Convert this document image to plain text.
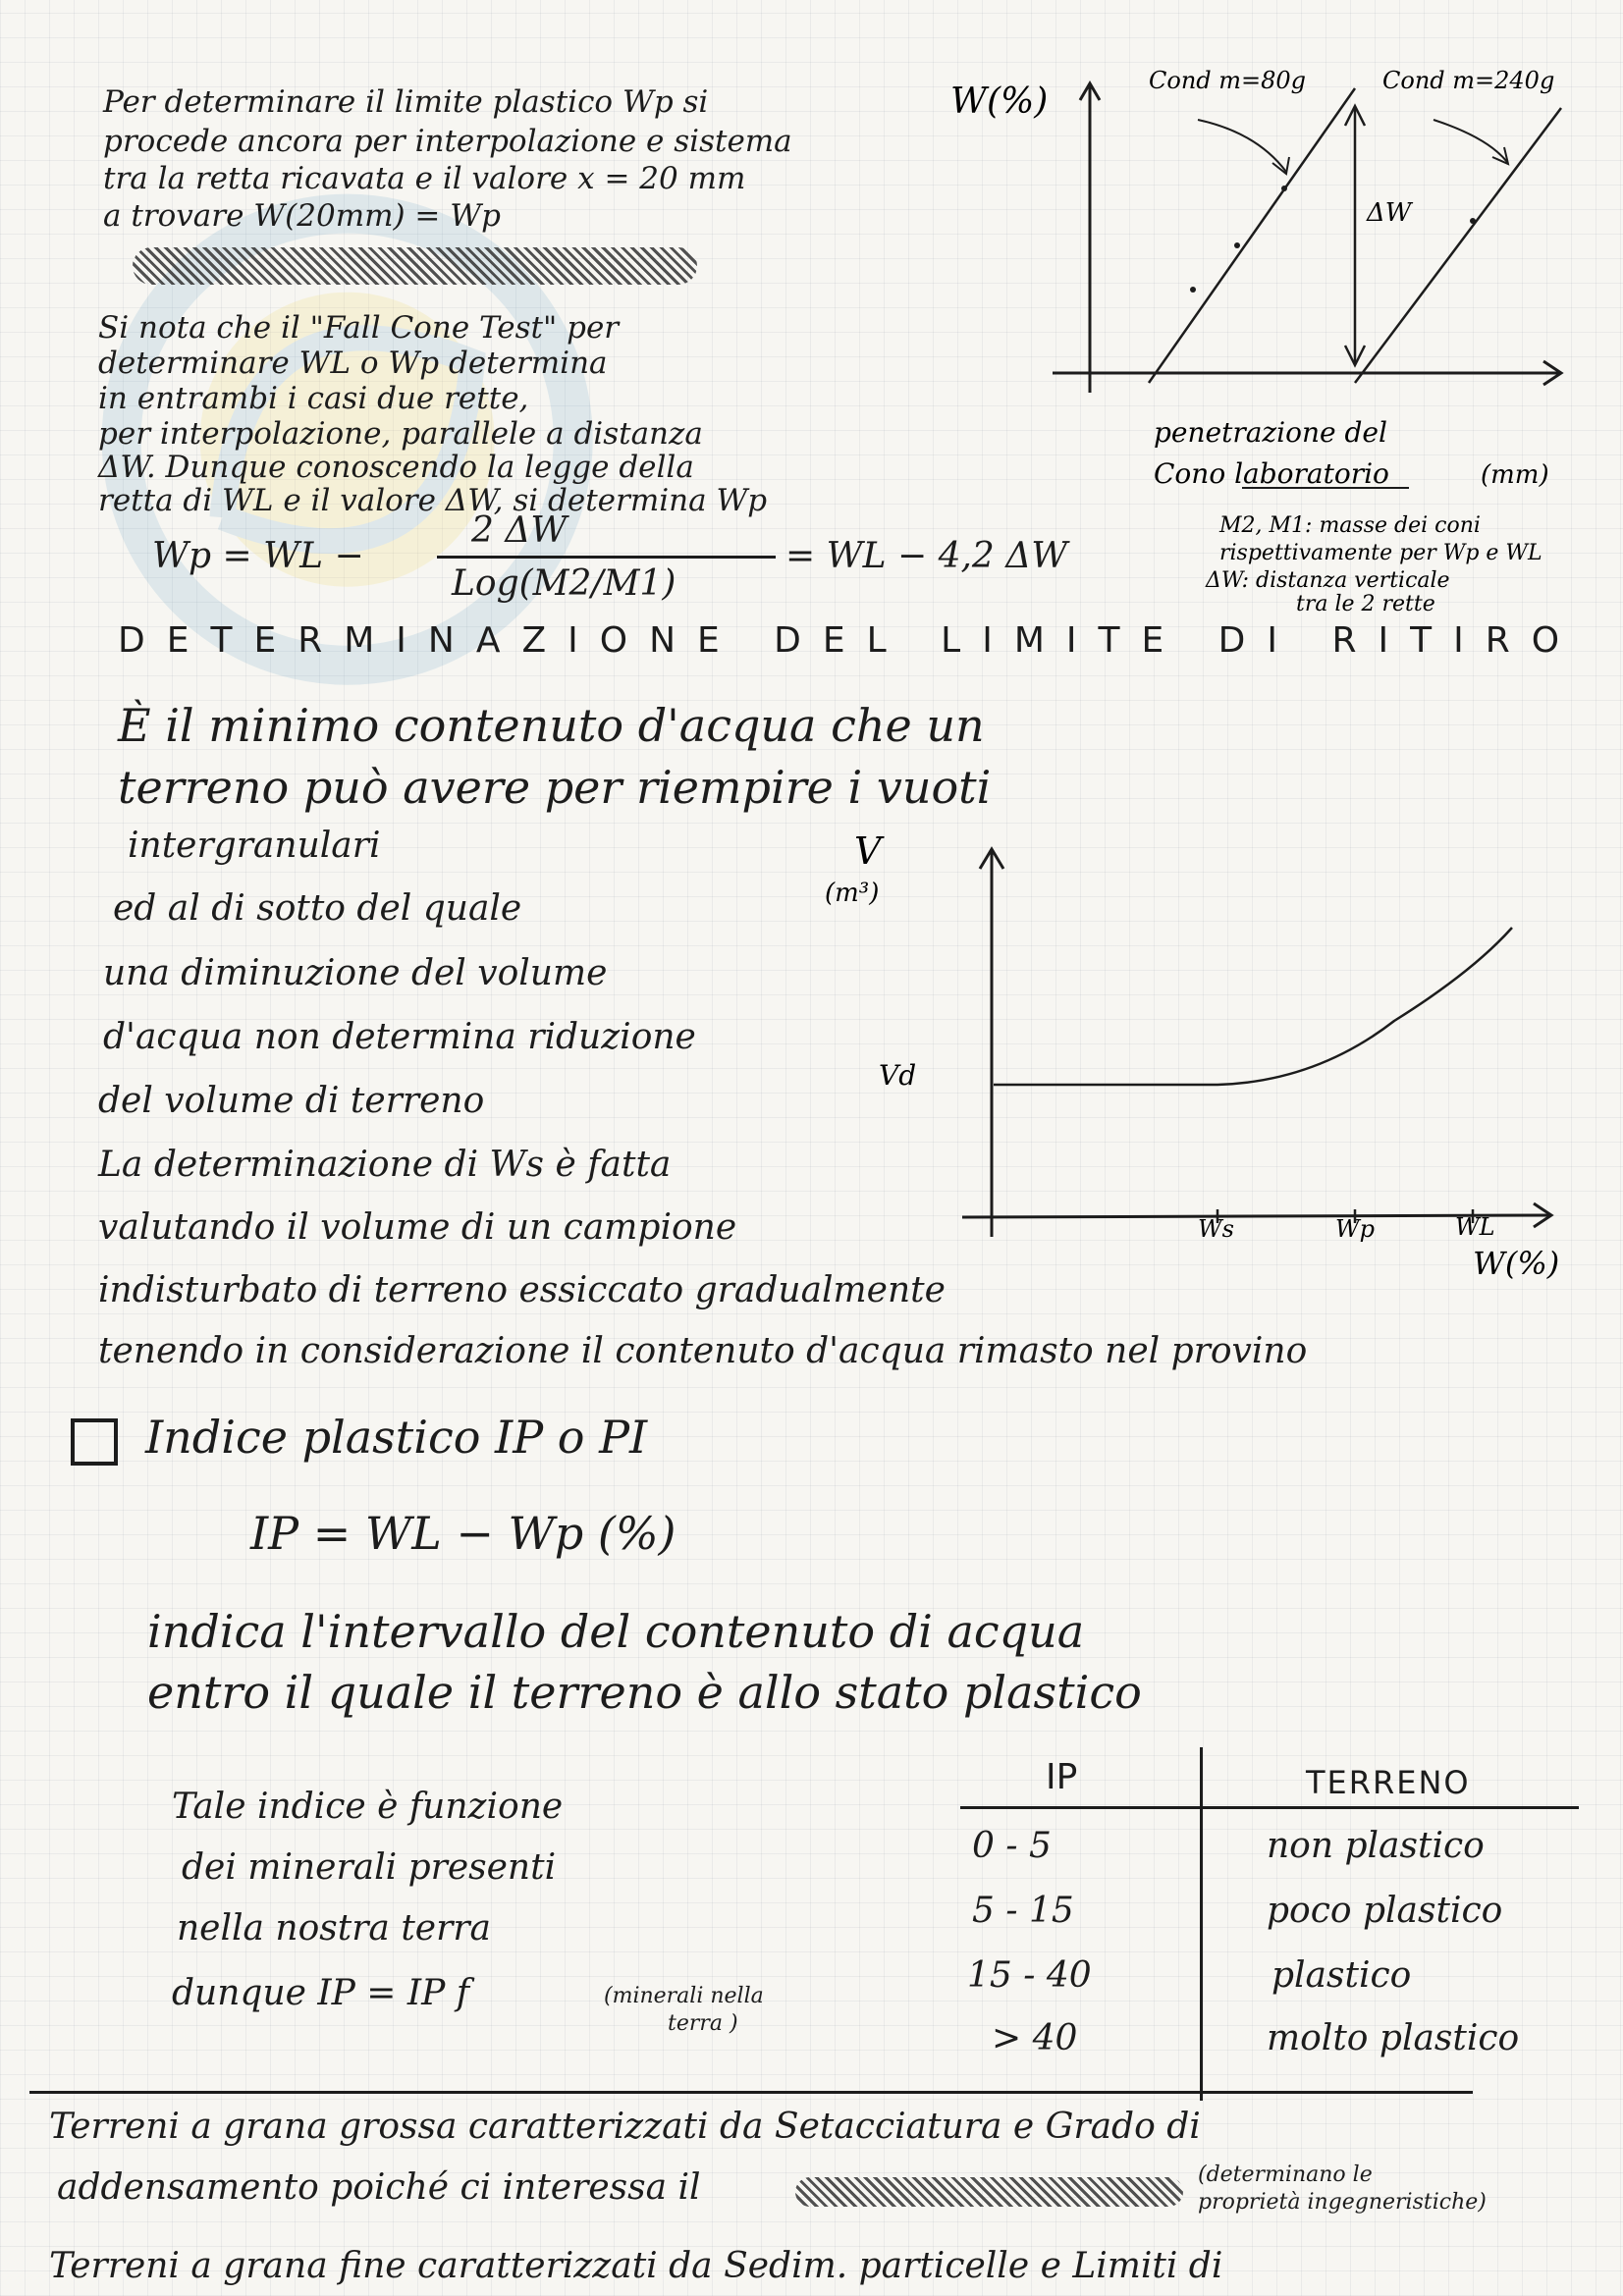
Per determinare il limite plastico Wp si
procede ancora per interpolazione e sistema
tra la retta ricavata e il valore x = 20 mm
a trovare W(20mm) = Wp
Si nota che il "Fall Cone Test" per
determinare WL o Wp determina
in entrambi i casi due rette,
per interpolazione, parallele a distanza
ΔW. Dunque conoscendo la legge della
retta di WL e il valore ΔW, si determina Wp
Wp = WL −
2 ΔW
Log(M2/M1)
= WL − 4,2 ΔW
W(%)
Cond m=80g	Cond m=240g
ΔW
penetrazione del
Cono laboratorio	(mm)
M2, M1: masse dei coni
rispettivamente per Wp e WL
ΔW: distanza verticale
tra le 2 rette
DETERMINAZIONE DEL LIMITE DI RITIRO
È il minimo contenuto d'acqua che un
terreno può avere per riempire i vuoti
intergranulari
ed al di sotto del quale
una diminuzione del volume
d'acqua non determina riduzione
del volume di terreno
La determinazione di Ws è fatta
valutando il volume di un campione
indisturbato di terreno essiccato gradualmente
tenendo in considerazione il contenuto d'acqua rimasto nel provino
V
(m³)
Vd
Ws	Wp	WL
W(%)
Indice plastico IP o PI
IP = WL − Wp (%)
indica l'intervallo del contenuto di acqua
entro il quale il terreno è allo stato plastico
Tale indice è funzione
dei minerali presenti
nella nostra terra
dunque IP = IP f	(minerali nella
terra )
IP	TERRENO
0 - 5	non plastico
5 - 15	poco plastico
15 - 40	plastico
> 40	molto plastico
Terreni a grana grossa caratterizzati da Setacciatura e Grado di
addensamento poiché ci interessa il	(determinano le
proprietà ingegneristiche)
Terreni a grana fine caratterizzati da Sedim. particelle e Limiti di
